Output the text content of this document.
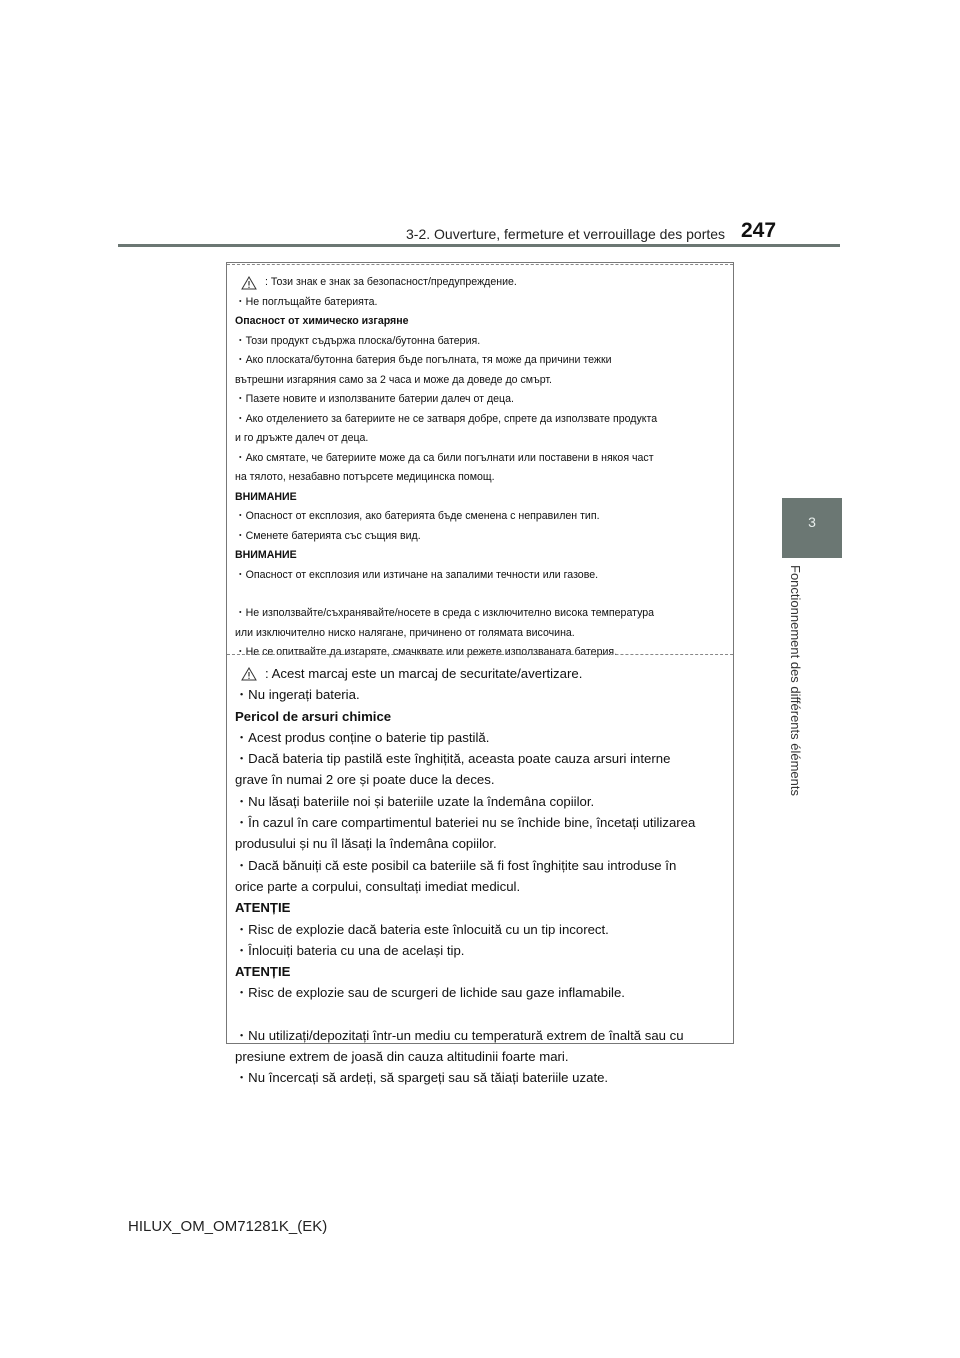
3-2. Ouverture, fermeture et verrouillage des portes 247
3
Fonctionnement des différents éléments
: Този знак е знак за безопасност/предупреждение.
・Не поглъщайте батерията.
Опасност от химическо изгаряне
・Този продукт съдържа плоска/бутонна батерия.
・Ако плоската/бутонна батерия бъде погълната, тя може да причини тежки
вътрешни изгаряния само за 2 часа и може да доведе до смърт.
・Пазете новите и използваните батерии далеч от деца.
・Ако отделението за батериите не се затваря добре, спрете да използвате продукта
и го дръжте далеч от деца.
・Ако смятате, че батериите може да са били погълнати или поставени в някоя част
на тялото, незабавно потърсете медицинска помощ.
ВНИМАНИЕ
・Опасност от експлозия, ако батерията бъде сменена с неправилен тип.
・Сменете батерията със същия вид.
ВНИМАНИЕ
・Опасност от експлозия или изтичане на запалими течности или газове.
・Не използвайте/съхранявайте/носете в среда с изключително висока температура
или изключително ниско налягане, причинено от голямата височина.
・Не се опитвайте да изгаряте, смачквате или режете използваната батерия.
: Acest marcaj este un marcaj de securitate/avertizare.
・Nu ingerați bateria.
Pericol de arsuri chimice
・Acest produs conține o baterie tip pastilă.
・Dacă bateria tip pastilă este înghițită, aceasta poate cauza arsuri interne
grave în numai 2 ore și poate duce la deces.
・Nu lăsați bateriile noi și bateriile uzate la îndemâna copiilor.
・În cazul în care compartimentul bateriei nu se închide bine, încetați utilizarea
produsului și nu îl lăsați la îndemâna copiilor.
・Dacă bănuiți că este posibil ca bateriile să fi fost înghițite sau introduse în
orice parte a corpului, consultați imediat medicul.
ATENȚIE
・Risc de explozie dacă bateria este înlocuită cu un tip incorect.
・Înlocuiți bateria cu una de același tip.
ATENȚIE
・Risc de explozie sau de scurgeri de lichide sau gaze inflamabile.
・Nu utilizați/depozitați într-un mediu cu temperatură extrem de înaltă sau cu
presiune extrem de joasă din cauza altitudinii foarte mari.
・Nu încercați să ardeți, să spargeți sau să tăiați bateriile uzate.
HILUX_OM_OM71281K_(EK)
